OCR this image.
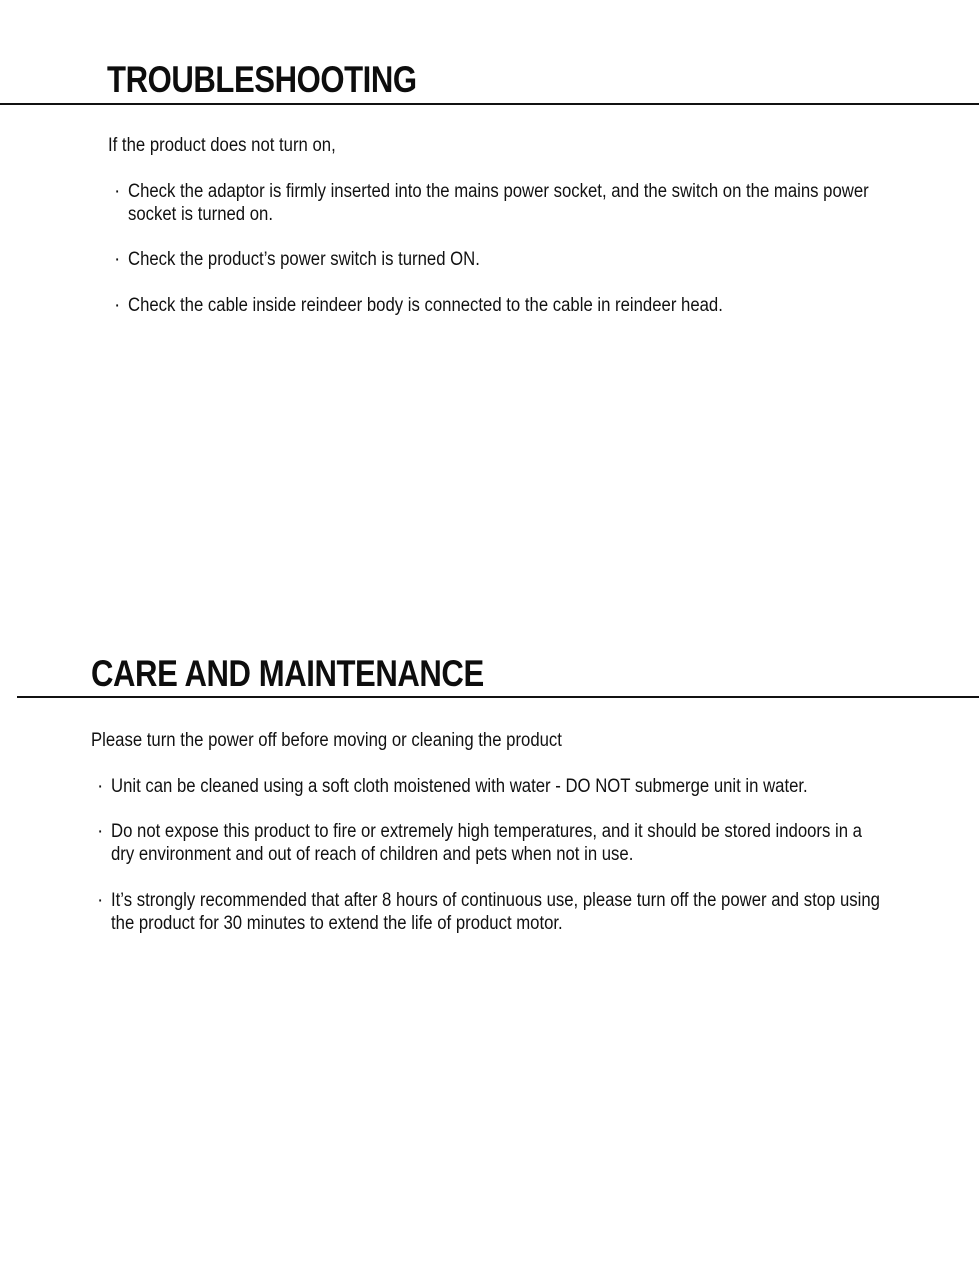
TROUBLESHOOTING

If the product does not turn on,

· Check the adaptor is firmly inserted into the mains power socket, and the switch on the mains power socket is turned on.
· Check the product’s power switch is turned ON.
· Check the cable inside reindeer body is connected to the cable in reindeer head.
CARE AND MAINTENANCE

Please turn the power off before moving or cleaning the product

· Unit can be cleaned using a soft cloth moistened with water - DO NOT submerge unit in water.
· Do not expose this product to fire or extremely high temperatures, and it should be stored indoors in a dry environment and out of reach of children and pets when not in use.
· It’s strongly recommended that after 8 hours of continuous use, please turn off the power and stop using the product for 30 minutes to extend the life of product motor.
